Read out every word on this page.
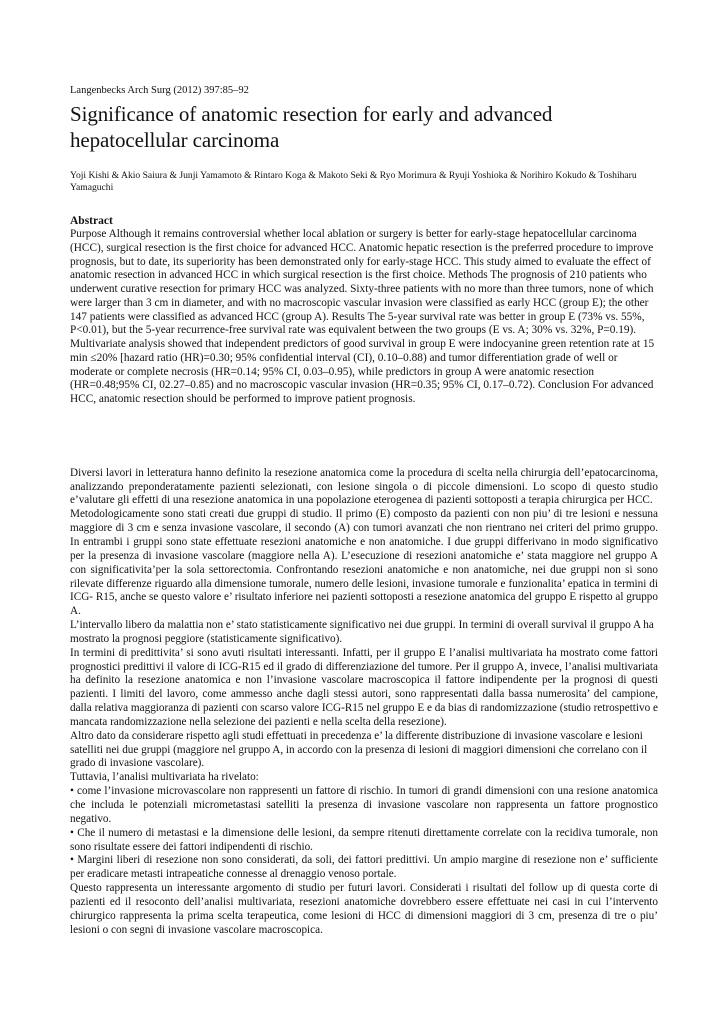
Langenbecks Arch Surg (2012) 397:85–92

Significance of anatomic resection for early and advanced hepatocellular carcinoma

Yoji Kishi & Akio Saiura & Junji Yamamoto & Rintaro Koga & Makoto Seki & Ryo Morimura & Ryuji Yoshioka & Norihiro Kokudo & Toshiharu Yamaguchi

Abstract

Purpose Although it remains controversial whether local ablation or surgery is better for early-stage hepatocellular carcinoma (HCC), surgical resection is the first choice for advanced HCC. Anatomic hepatic resection is the preferred procedure to improve prognosis, but to date, its superiority has been demonstrated only for early-stage HCC. This study aimed to evaluate the effect of anatomic resection in advanced HCC in which surgical resection is the first choice. Methods The prognosis of 210 patients who underwent curative resection for primary HCC was analyzed. Sixty-three patients with no more than three tumors, none of which were larger than 3 cm in diameter, and with no macroscopic vascular invasion were classified as early HCC (group E); the other 147 patients were classified as advanced HCC (group A). Results The 5-year survival rate was better in group E (73% vs. 55%, P<0.01), but the 5-year recurrence-free survival rate was equivalent between the two groups (E vs. A; 30% vs. 32%, P=0.19). Multivariate analysis showed that independent predictors of good survival in group E were indocyanine green retention rate at 15 min ≤20% [hazard ratio (HR)=0.30; 95% confidential interval (CI), 0.10–0.88) and tumor differentiation grade of well or moderate or complete necrosis (HR=0.14; 95% CI, 0.03–0.95), while predictors in group A were anatomic resection (HR=0.48;95% CI, 02.27–0.85) and no macroscopic vascular invasion (HR=0.35; 95% CI, 0.17–0.72). Conclusion For advanced HCC, anatomic resection should be performed to improve patient prognosis.

Diversi lavori in letteratura hanno definito la resezione anatomica come la procedura di scelta nella chirurgia dell’epatocarcinoma, analizzando preponderatamente pazienti selezionati, con lesione singola o di piccole dimensioni. Lo scopo di questo studio e’valutare gli effetti di una resezione anatomica in una popolazione eterogenea di pazienti sottoposti a terapia chirurgica per HCC.

Metodologicamente sono stati creati due gruppi di studio. Il primo (E) composto da pazienti con non piu’ di tre lesioni e nessuna maggiore di 3 cm e senza invasione vascolare, il secondo (A) con tumori avanzati che non rientrano nei criteri del primo gruppo. In entrambi i gruppi sono state effettuate resezioni anatomiche e non anatomiche. I due gruppi differivano in modo significativo per la presenza di invasione vascolare (maggiore nella A). L’esecuzione di resezioni anatomiche e’ stata maggiore nel gruppo A con significativita’per la sola settorectomia. Confrontando resezioni anatomiche e non anatomiche, nei due gruppi non si sono rilevate differenze riguardo alla dimensione tumorale, numero delle lesioni, invasione tumorale e funzionalita’ epatica in termini di ICG- R15, anche se questo valore e’ risultato inferiore nei pazienti sottoposti a resezione anatomica del gruppo E rispetto al gruppo A.

L’intervallo libero da malattia non e’ stato statisticamente significativo nei due gruppi. In termini di overall survival il gruppo A ha mostrato la prognosi peggiore (statisticamente significativo).

In termini di predittivita’ si sono avuti risultati interessanti. Infatti, per il gruppo E l’analisi multivariata ha mostrato come fattori prognostici predittivi il valore di ICG-R15 ed il grado di differenziazione del tumore. Per il gruppo A, invece, l’analisi multivariata ha definito la resezione anatomica e non l’invasione vascolare macroscopica il fattore indipendente per la prognosi di questi pazienti. I limiti del lavoro, come ammesso anche dagli stessi autori, sono rappresentati dalla bassa numerosita’ del campione, dalla relativa maggioranza di pazienti con scarso valore ICG-R15 nel gruppo E e da bias di randomizzazione (studio retrospettivo e mancata randomizzazione nella selezione dei pazienti e nella scelta della resezione).

Altro dato da considerare rispetto agli studi effettuati in precedenza e’ la differente distribuzione di invasione vascolare e lesioni satelliti nei due gruppi (maggiore nel gruppo A, in accordo con la presenza di lesioni di maggiori dimensioni che correlano con il grado di invasione vascolare).

Tuttavia, l’analisi multivariata ha rivelato:

• come l’invasione microvascolare non rappresenti un fattore di rischio. In tumori di grandi dimensioni con una resione anatomica che includa le potenziali micrometastasi satelliti la presenza di invasione vascolare non rappresenta un fattore prognostico negativo.

• Che il numero di metastasi e la dimensione delle lesioni, da sempre ritenuti direttamente correlate con la recidiva tumorale, non sono risultate essere dei fattori indipendenti di rischio.

• Margini liberi di resezione non sono considerati, da soli, dei fattori predittivi. Un ampio margine di resezione non e’ sufficiente per eradicare metasti intrapeatiche connesse al drenaggio venoso portale.

Questo rappresenta un interessante argomento di studio per futuri lavori. Considerati i risultati del follow up di questa corte di pazienti ed il resoconto dell’analisi multivariata, resezioni anatomiche dovrebbero essere effettuate nei casi in cui l’intervento chirurgico rappresenta la prima scelta terapeutica, come lesioni di HCC di dimensioni maggiori di 3 cm, presenza di tre o piu’ lesioni o con segni di invasione vascolare macroscopica.
